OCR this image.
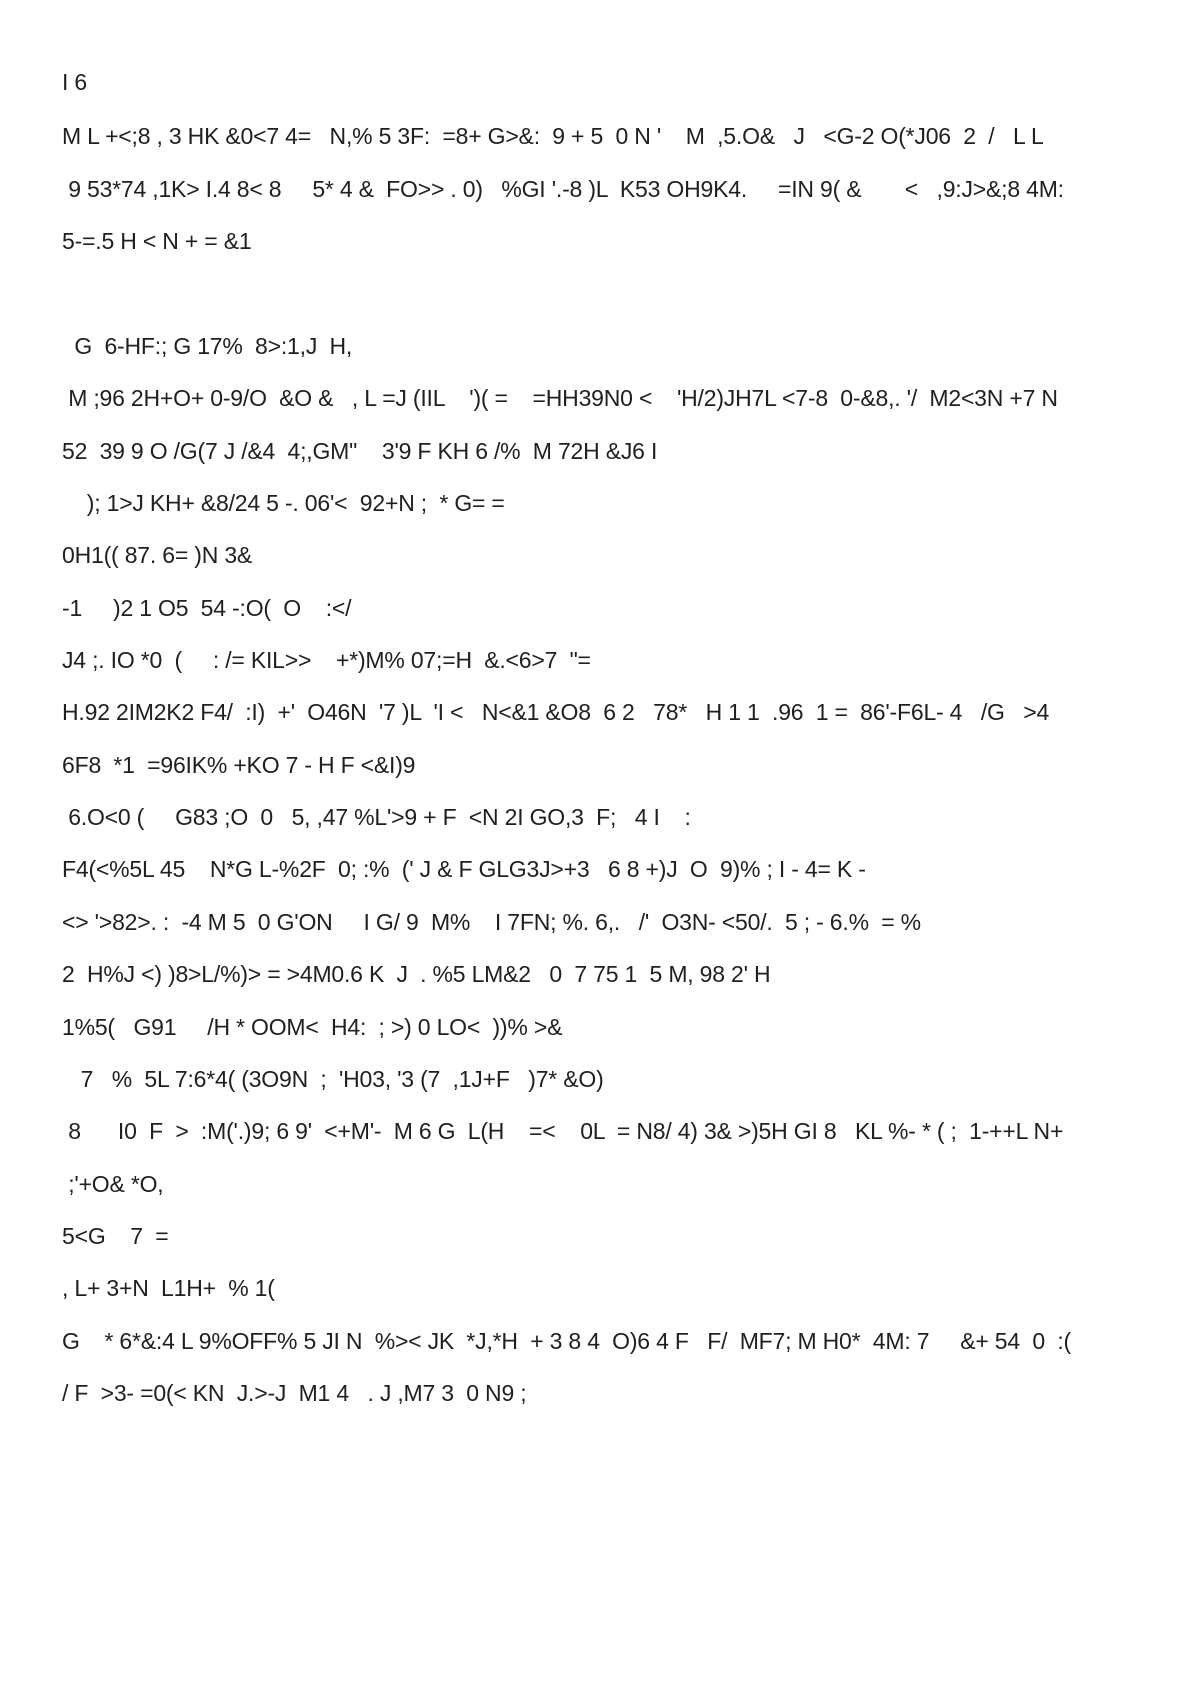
I 6
M L +<;8 , 3 HK &0<7 4=   N,% 5 3F:  =8+ G>&:  9 + 5  0 N '    M  ,5.O&   J   <G-2 O(*J06  2  /   L L
9 53*74 ,1K> I.4 8< 8     5* 4 &  FO>> . 0)   %GI '.-8 )L  K53 OH9K4.     =IN 9( &       <   ,9:J>&;8 4M:
5-=.5 H < N + = &1
G  6-HF:; G 17%  8>:1,J  H,
M ;96 2H+O+ 0-9/O  &O &   , L =J (IIL    ')( =    =HH39N0 <    'H/2)JH7L <7-8  0-&8,. '/  M2<3N +7 N
52  39 9 O /G(7 J /&4  4;,GM"    3'9 F KH 6 /%  M 72H &J6 I
); 1>J KH+ &8/24 5 -. 06'<  92+N ;  * G= =
0H1(( 87. 6= )N 3&
-1     )2 1 O5  54 -:O(  O    :</
J4 ;. IO *0  (     : /= KIL>>    +*)M% 07;=H  &.<6>7  "=
H.92 2IM2K2 F4/  :I)  +'  O46N  '7 )L  'I <   N<&1 &O8  6 2   78*   H 1 1  .96  1 =  86'-F6L- 4   /G   >4
6F8  *1  =96IK% +KO 7 - H F <&I)9
6.O<0 (     G83 ;O  0   5, ,47 %L'>9 + F  <N 2I GO,3  F;   4 I    :
F4(<%5L 45    N*G L-%2F  0; :%  (' J & F GLG3J>+3   6 8 +)J  O  9)% ; I - 4= K -
<> '>82>. :  -4 M 5  0 G'ON     I G/ 9  M%    I 7FN; %. 6,.   /'  O3N- <50/.  5 ; - 6.%  = %
2  H%J <) )8>L/%)> = >4M0.6 K  J  . %5 LM&2   0  7 75 1  5 M, 98 2' H
1%5(   G91     /H * OOM<  H4:  ; >) 0 LO<  ))% >&
7   %  5L 7:6*4( (3O9N  ;  'H03, '3 (7  ,1J+F   )7* &O)
8      I0  F  >  :M('.)9; 6 9'  <+M'-  M 6 G  L(H    =<    0L  = N8/ 4) 3& >)5H GI 8   KL %- * ( ;  1-++L N+
;'+O& *O,
5<G    7  =
, L+ 3+N  L1H+  % 1(
G    * 6*&:4 L 9%OFF% 5 JI N  %>< JK  *J,*H  + 3 8 4  O)6 4 F   F/  MF7; M H0*  4M: 7     &+ 54  0  :(
/ F  >3- =0(< KN  J.>-J  M1 4   . J ,M7 3  0 N9 ;
